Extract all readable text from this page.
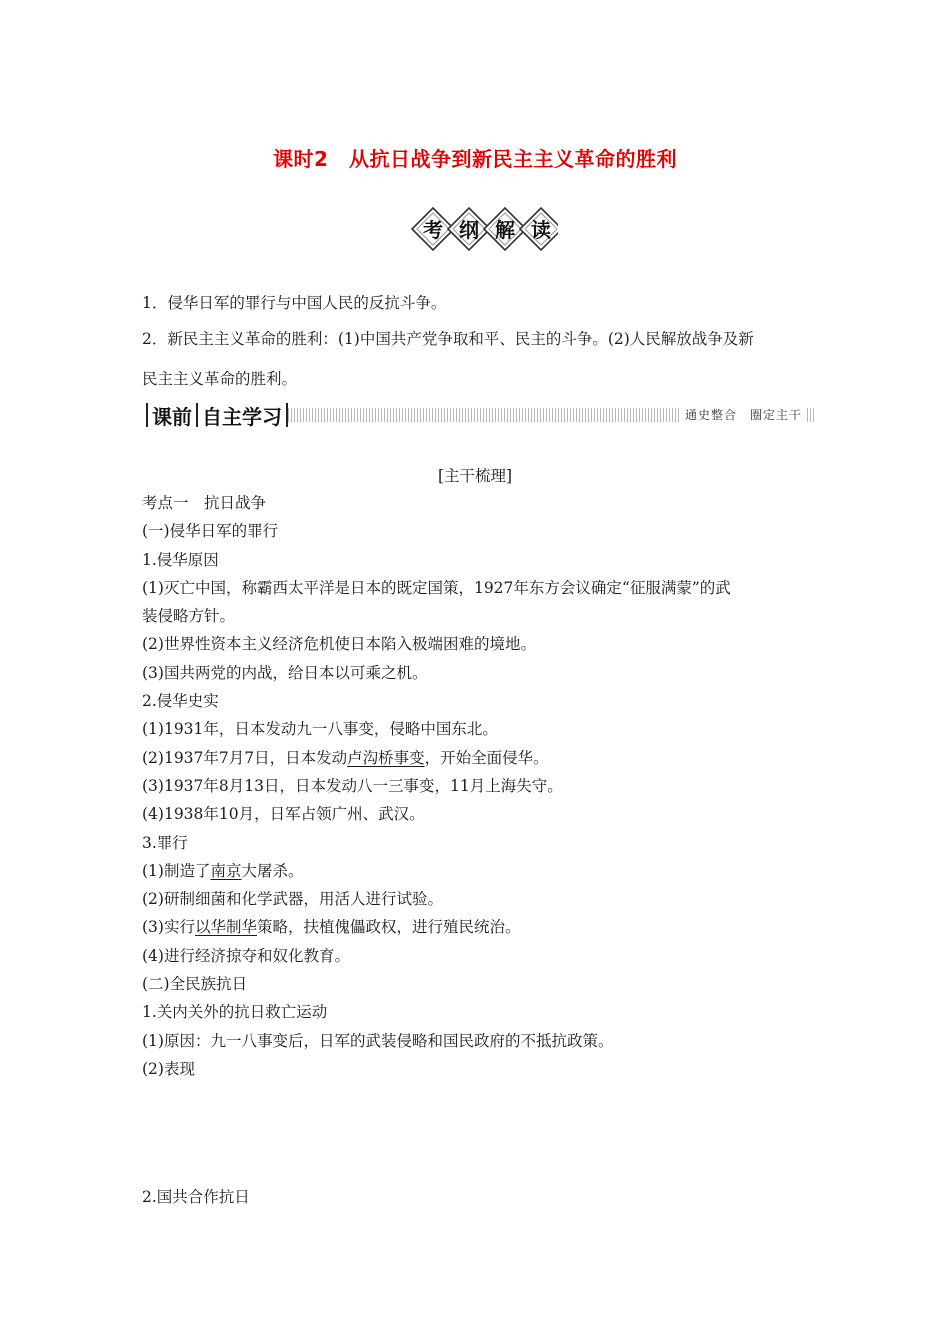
课时2　从抗日战争到新民主主义革命的胜利
考 纲 解 读

1．侵华日军的罪行与中国人民的反抗斗争。

2．新民主主义革命的胜利：(1)中国共产党争取和平、民主的斗争。(2)人民解放战争及新

民主主义革命的胜利。

课前 自主学习	通史整合　圈定主干

[主干梳理]

考点一　抗日战争

(一)侵华日军的罪行

1.侵华原因

(1)灭亡中国，称霸西太平洋是日本的既定国策，1927年东方会议确定“征服满蒙”的武

装侵略方针。

(2)世界性资本主义经济危机使日本陷入极端困难的境地。

(3)国共两党的内战，给日本以可乘之机。

2.侵华史实

(1)1931年，日本发动九一八事变，侵略中国东北。

(2)1937年7月7日，日本发动卢沟桥事变，开始全面侵华。

(3)1937年8月13日，日本发动八一三事变，11月上海失守。

(4)1938年10月，日军占领广州、武汉。

3.罪行

(1)制造了南京大屠杀。

(2)研制细菌和化学武器，用活人进行试验。

(3)实行以华制华策略，扶植傀儡政权，进行殖民统治。

(4)进行经济掠夺和奴化教育。

(二)全民族抗日

1.关内关外的抗日救亡运动

(1)原因：九一八事变后，日军的武装侵略和国民政府的不抵抗政策。

(2)表现

2.国共合作抗日
